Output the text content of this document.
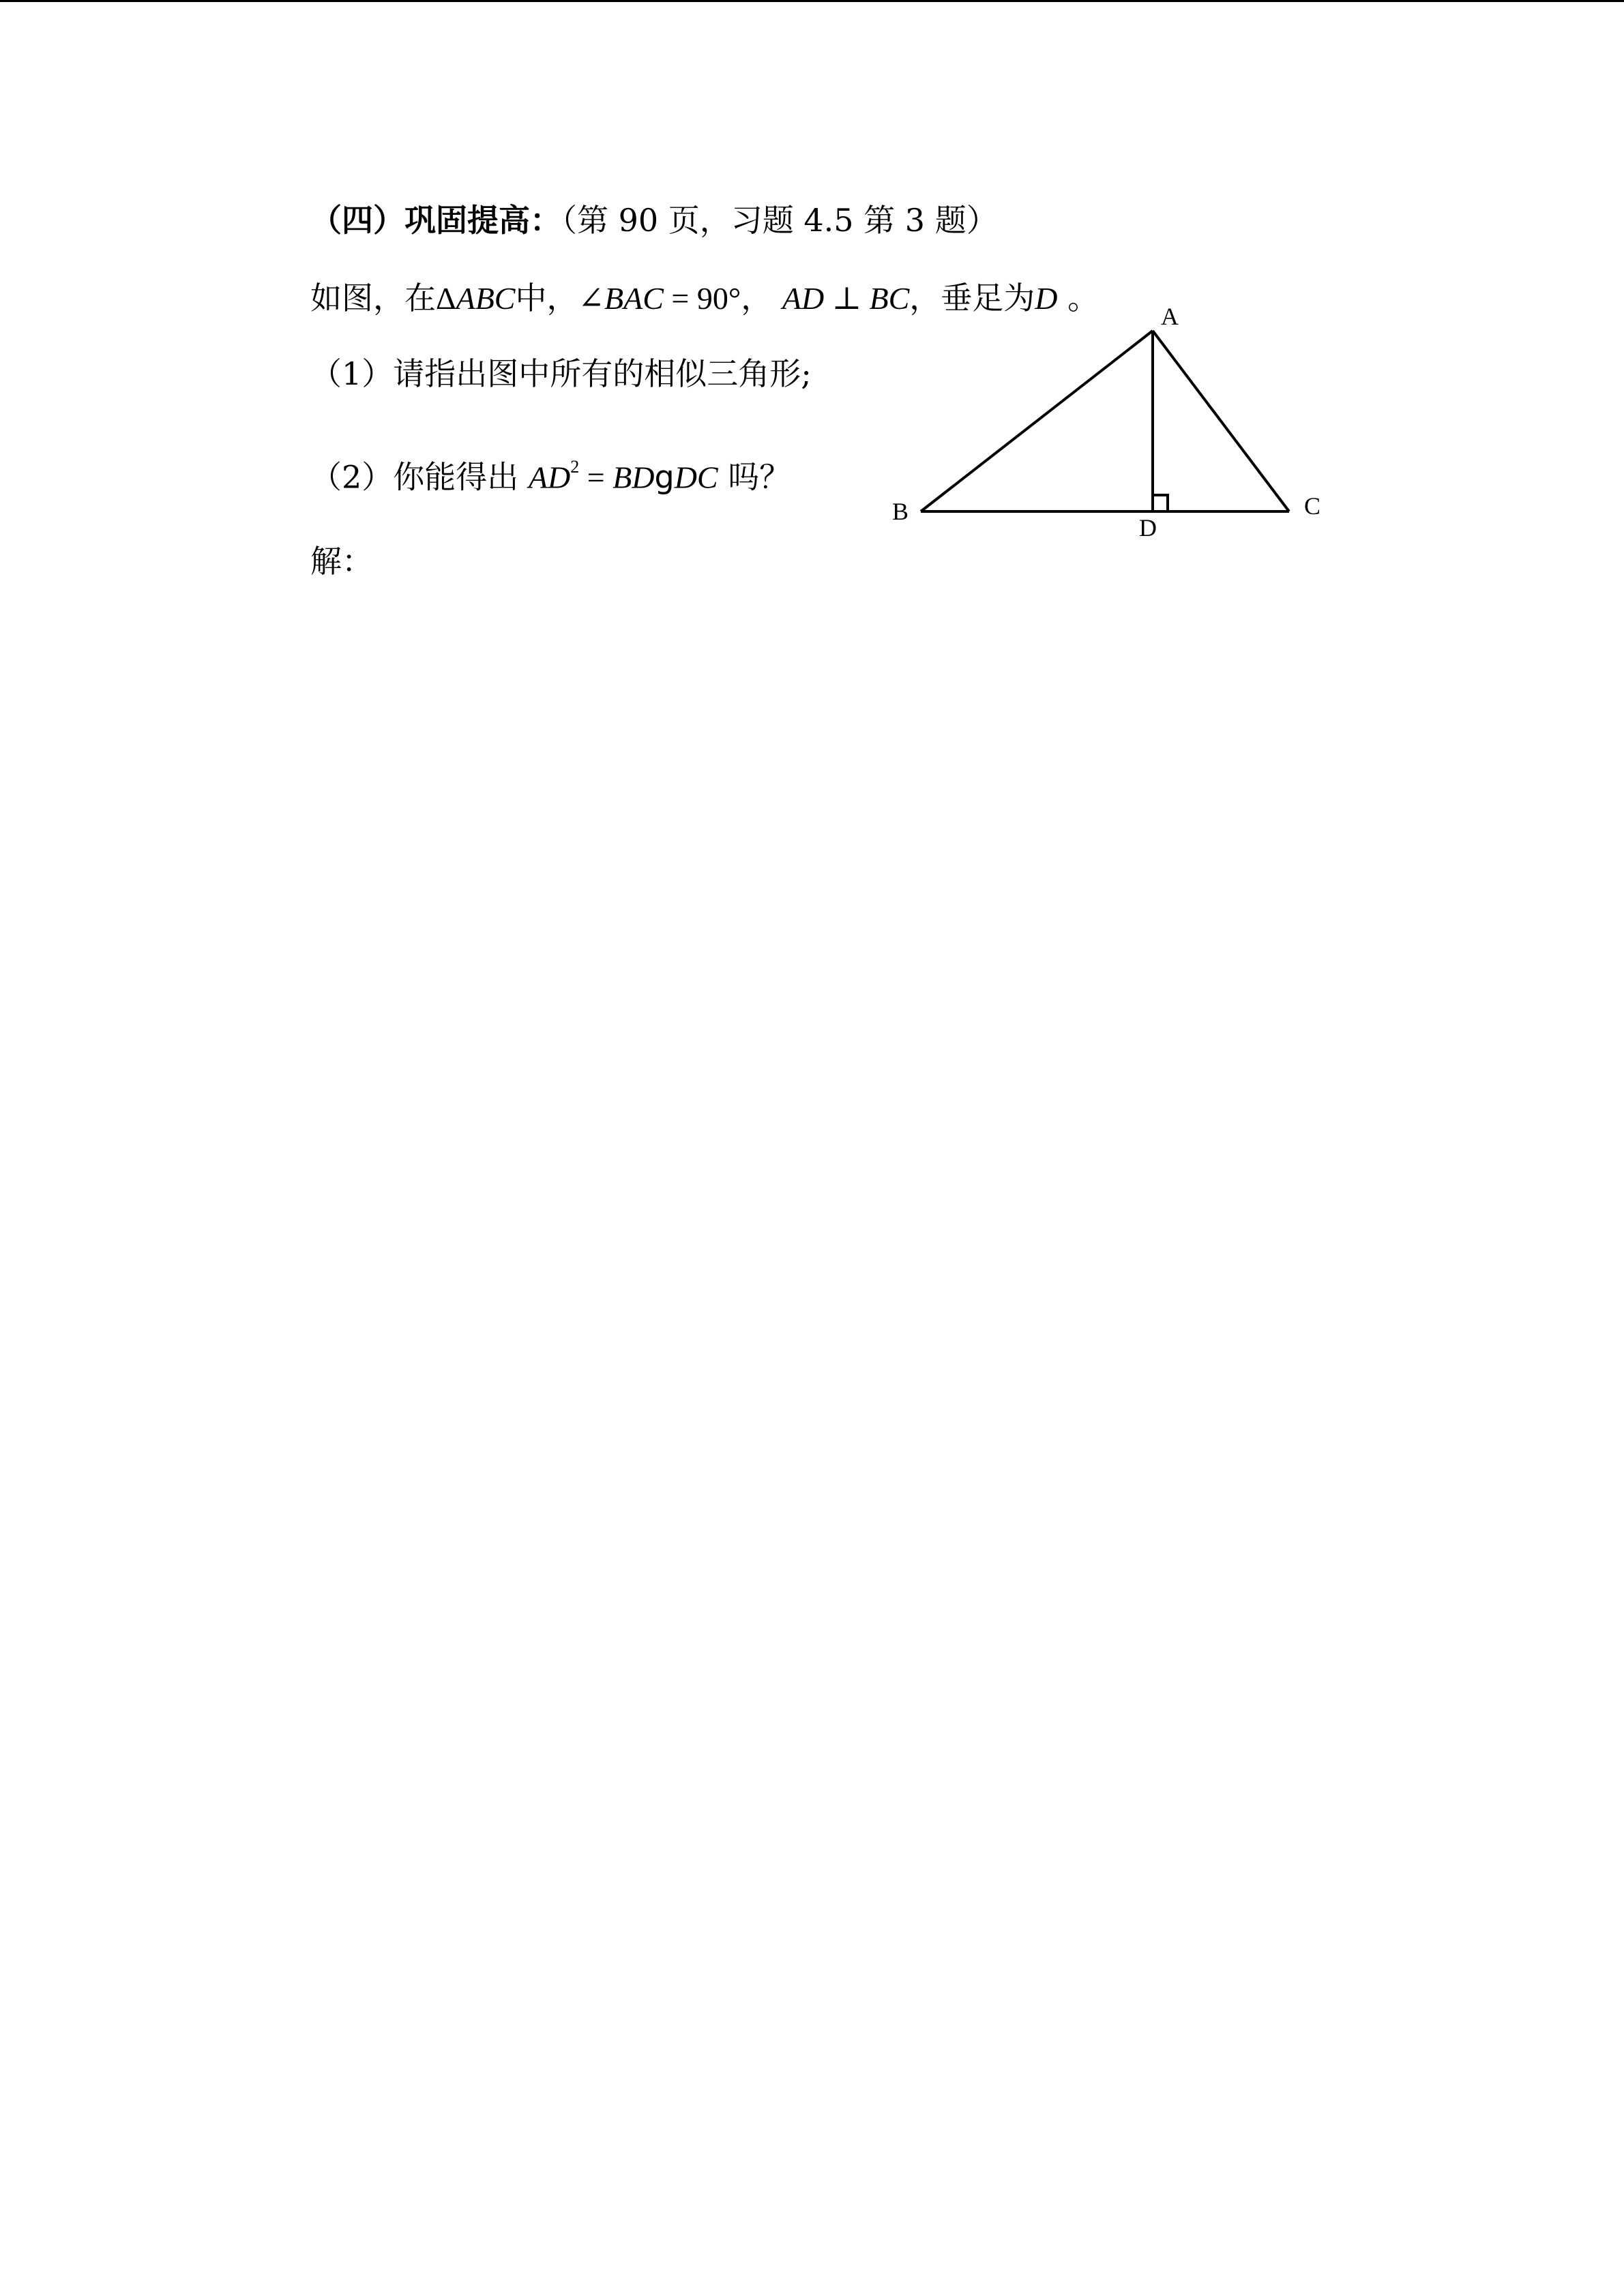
（四）巩固提高：（第 90 页，习题 4.5 第 3 题）
如图，在ΔABC中，∠BAC = 90°， AD ⊥ BC，垂足为D 。
（1）请指出图中所有的相似三角形;
（2）你能得出 $AD^2$ = BDgDC 吗？
解：
A
B	C
D
